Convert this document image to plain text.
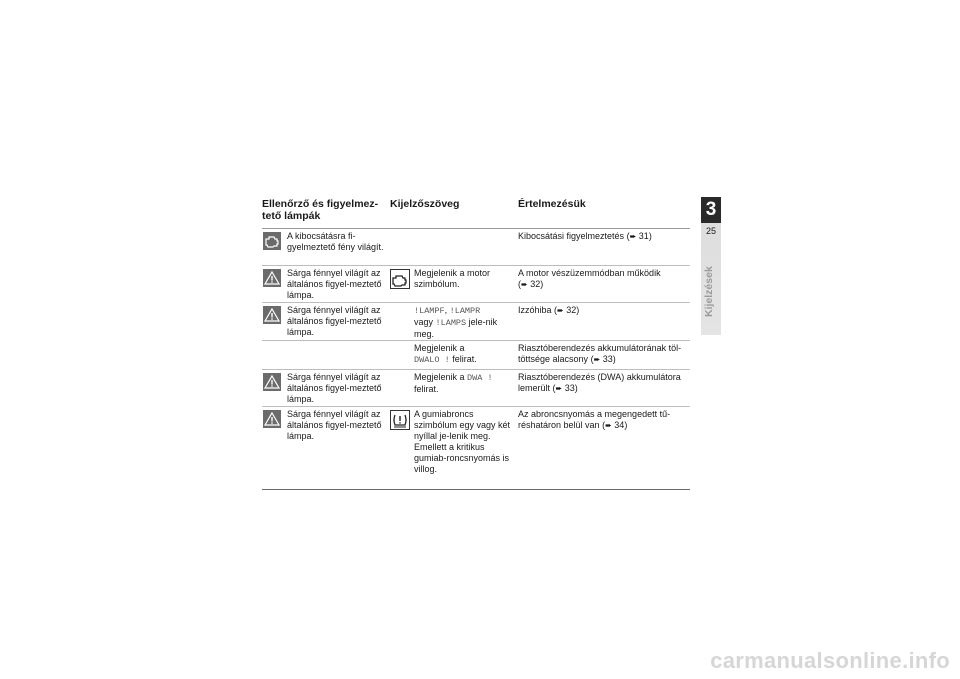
Ellenőrző és figyelmez-tető lámpák
Kijelzőszöveg	Értelmezésük
A kibocsátásra fi-gyelmeztető fény világít.
Kibocsátási figyelmeztetés (➨ 31)
Sárga fénnyel világít az általános figyel-meztető lámpa.
Megjelenik a motor szimbólum.
A motor vészüzemmódban működik
(➨ 32)
Sárga fénnyel világít az általános figyel-meztető lámpa.
!LAMPF, !LAMPR
vagy !LAMPS jele-nik meg.
Izzóhiba (➨ 32)
Megjelenik a
DWALO ! felirat.
Riasztóberendezés akkumulátorának töl-töttsége alacsony (➨ 33)
Sárga fénnyel világít az általános figyel-meztető lámpa.
Megjelenik a DWA !
felirat.
Riasztóberendezés (DWA) akkumulátora lemerült (➨ 33)
Sárga fénnyel világít az általános figyel-meztető lámpa.
A gumiabroncs szimbólum egy vagy két nyíllal je-lenik meg. Emellett a kritikus gumiab-roncsnyomás is villog.
Az abroncsnyomás a megengedett tű-réshatáron belül van (➨ 34)
3
25
Kijelzések
carmanualsonline.info
